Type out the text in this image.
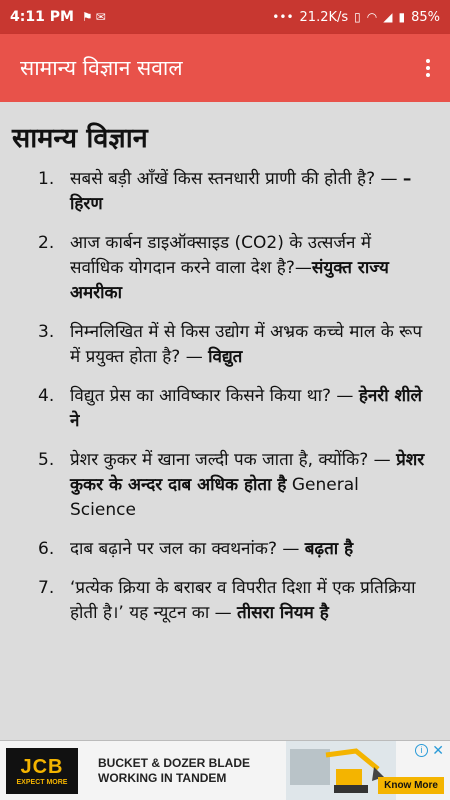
4:11 PM ⚑ ✉	••• 21.2K/s ▯ ◠ ◢ ▮ 85%
सामान्य विज्ञान सवाल
सामन्य विज्ञान
1. सबसे बड़ी आँखें किस स्तनधारी प्राणी की होती है? — – हिरण
2. आज कार्बन डाइऑक्साइड (CO2) के उत्सर्जन में सर्वाधिक योगदान करने वाला देश है?—संयुक्त राज्य अमरीका
3. निम्नलिखित में से किस उद्योग में अभ्रक कच्चे माल के रूप में प्रयुक्त होता है? — विद्युत
4. विद्युत प्रेस का आविष्कार किसने किया था? — हेनरी शीले ने
5. प्रेशर कुकर में खाना जल्दी पक जाता है, क्योंकि? — प्रेशर कुकर के अन्दर दाब अधिक होता है General Science
6. दाब बढ़ाने पर जल का क्वथनांक? — बढ़ता है
7. ‘प्रत्येक क्रिया के बराबर व विपरीत दिशा में एक प्रतिक्रिया होती है।’ यह न्यूटन का — तीसरा नियम है
JCB
EXPECT MORE
BUCKET & DOZER BLADE
WORKING IN TANDEM
i ✕
Know More
